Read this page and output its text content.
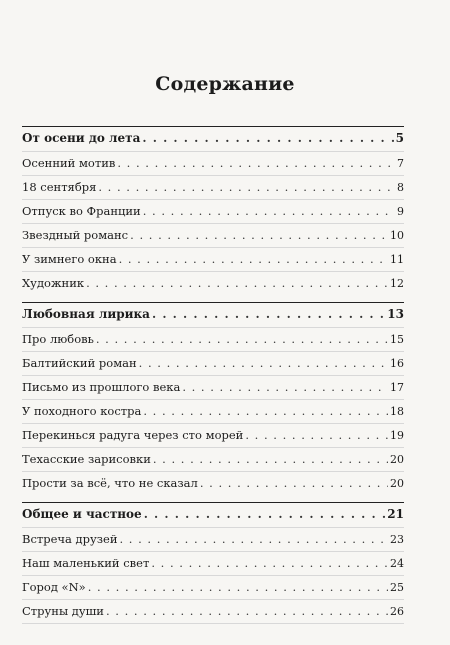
Содержание
От осени до лета . . .	5
Осенний мотив . . .	7
18 сентября . . .	8
Отпуск во Франции . . .	9
Звездный романс . . .	10
У зимнего окна . . .	11
Художник . . .	12
Любовная лирика . . .	13
Про любовь . . .	15
Балтийский роман . . .	16
Письмо из прошлого века . . .	17
У походного костра . . .	18
Перекинься радуга через сто морей . . .	19
Техасские зарисовки . . .	20
Прости за всё, что не сказал . . .	20
Общее и частное . . .	21
Встреча друзей . . .	23
Наш маленький свет . . .	24
Город «N» . . .	25
Струны души . . .	26
